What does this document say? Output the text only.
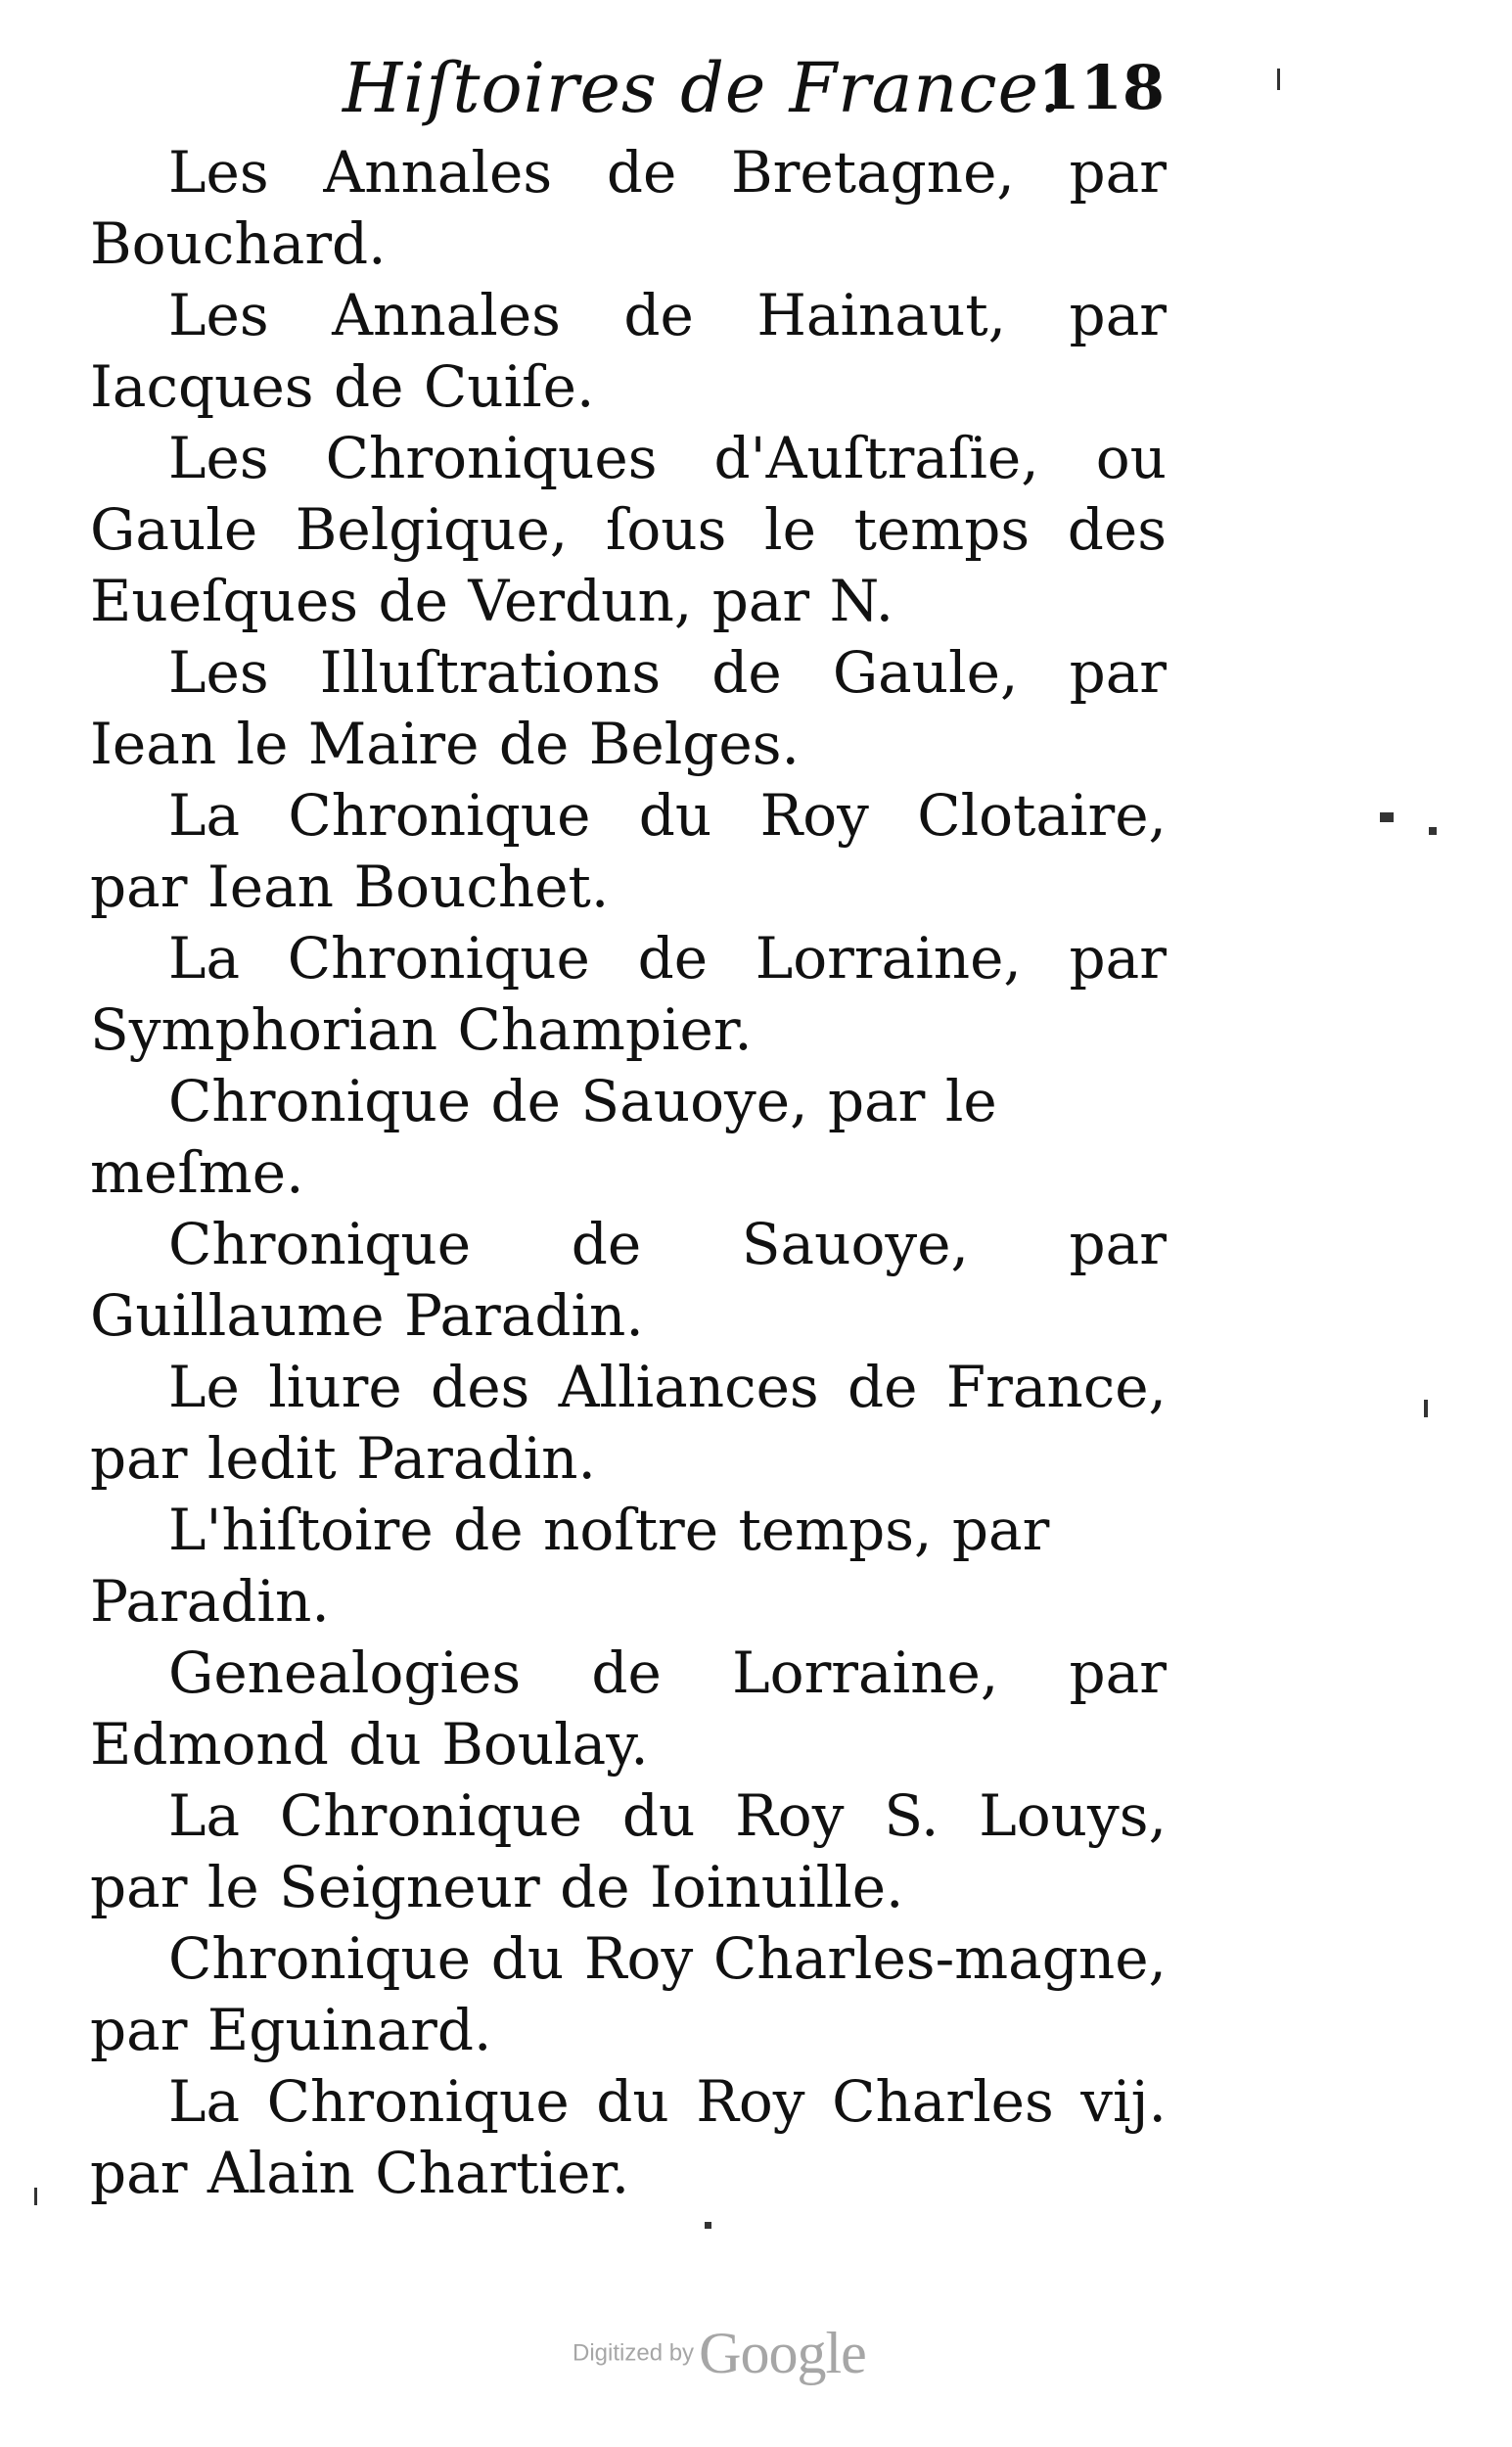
Hiſtoires de France.
118

Les Annales de Bretagne, par Bouchard.

Les Annales de Hainaut, par Iacques de Cuiſe.

Les Chroniques d'Auſtraſie, ou Gaule Belgique, ſous le temps des Eueſques de Verdun, par N.

Les Illuſtrations de Gaule, par Iean le Maire de Belges.

La Chronique du Roy Clotaire, par Iean Bouchet.

La Chronique de Lorraine, par Symphorian Champier.

Chronique de Sauoye, par le meſme.

Chronique de Sauoye, par Guillaume Paradin.

Le liure des Alliances de France, par ledit Paradin.

L'hiſtoire de noſtre temps, par Paradin.

Genealogies de Lorraine, par Edmond du Boulay.

La Chronique du Roy S. Louys, par le Seigneur de Ioinuille.

Chronique du Roy Charles-magne, par Eguinard.

La Chronique du Roy Charles vij. par Alain Chartier.

Digitized by Google
